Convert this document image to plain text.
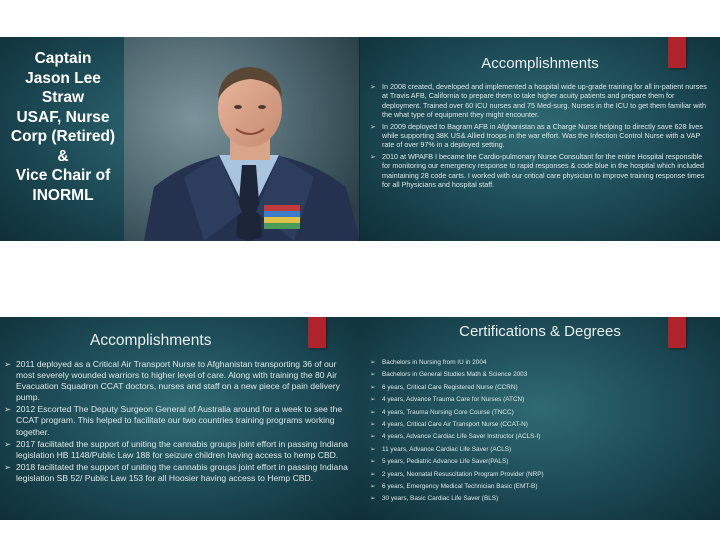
Captain
Jason Lee Straw
USAF, Nurse
Corp (Retired)
&
Vice Chair of
INORML
Accomplishments
➢ In 2008 created, developed and implemented a hospital wide up-grade training for all in-patient nurses at Travis AFB, California to prepare them to take higher acuity patients and prepare them for deployment. Trained over 60 ICU nurses and 75 Med-surg. Nurses in the ICU to get them familiar with the what type of equipment they might encounter.
➢ In 2009 deployed to Bagram AFB in Afghanistan as a Charge Nurse helping to directly save 628 lives while supporting 38K US& Allied troops in the war effort. Was the Infection Control Nurse with a VAP rate of over 97% in a deployed setting.
➢ 2010 at WPAFB I became the Cardio-pulmonary Nurse Consultant for the entire Hospital responsible for monitoring our emergency response to rapid responses & code blue in the hospital which included maintaining 28 code carts. I worked with our critical care physician to improve training response times for all Physicians and hospital staff.
Accomplishments
➢ 2011 deployed as a Critical Air Transport Nurse to Afghanistan transporting 36 of our most severely wounded warriors to higher level of care. Along with training the 80 Air Evacuation Squadron CCAT doctors, nurses and staff on a new piece of pain delivery pump.
➢ 2012 Escorted The Deputy Surgeon General of Australia around for a week to see the CCAT program. This helped to facilitate our two countries training programs working together.
➢ 2017 facilitated the support of uniting the cannabis groups joint effort in passing Indiana legislation HB 1148/Public Law 188 for seizure children having access to hemp CBD.
➢ 2018 facilitated the support of uniting the cannabis groups joint effort in passing Indiana legislation SB 52/ Public Law 153 for all Hoosier having access to Hemp CBD.
Certifications & Degrees
➢ Bachelors in Nursing from IU in 2004
➢ Bachelors in General Studies Math & Science 2003
➢ 6 years, Critical Care Registered Nurse (CCRN)
➢ 4 years, Advance Trauma Care for Nurses (ATCN)
➢ 4 years, Trauma Nursing Core Course (TNCC)
➢ 4 years, Critical Care Air Transport Nurse (CCAT-N)
➢ 4 years, Advance Cardiac Life Saver Instructor (ACLS-I)
➢ 11 years, Advance Cardiac Life Saver (ACLS)
➢ 5 years, Pediatric Advance Life Saver(PALS)
➢ 2 years, Neonatal Resuscitation Program Provider (NRP)
➢ 6 years, Emergency Medical Technician Basic (EMT-B)
➢ 30 years, Basic Cardiac Life Saver (BLS)
